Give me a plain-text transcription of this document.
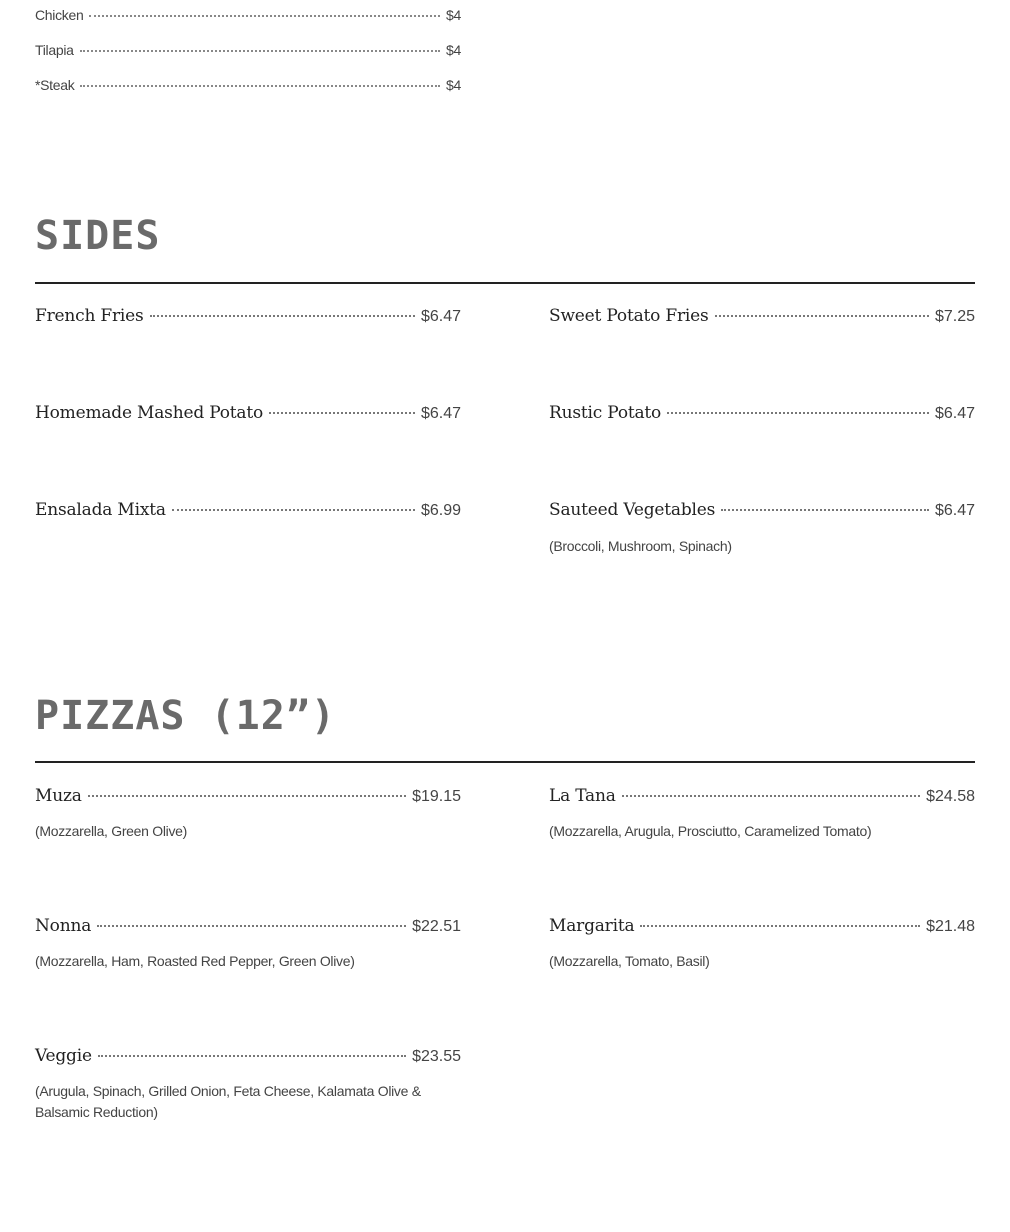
Chicken	$4
Tilapia	$4
*Steak	$4
SIDES
French Fries	$6.47	Sweet Potato Fries	$7.25
Homemade Mashed Potato	$6.47	Rustic Potato	$6.47
Ensalada Mixta	$6.99	Sauteed Vegetables	$6.47
(Broccoli, Mushroom, Spinach)
PIZZAS (12”)
Muza	$19.15
(Mozzarella, Green Olive)
La Tana	$24.58
(Mozzarella, Arugula, Prosciutto, Caramelized Tomato)
Nonna	$22.51
(Mozzarella, Ham, Roasted Red Pepper, Green Olive)
Margarita	$21.48
(Mozzarella, Tomato, Basil)
Veggie	$23.55
(Arugula, Spinach, Grilled Onion, Feta Cheese, Kalamata Olive & Balsamic Reduction)
